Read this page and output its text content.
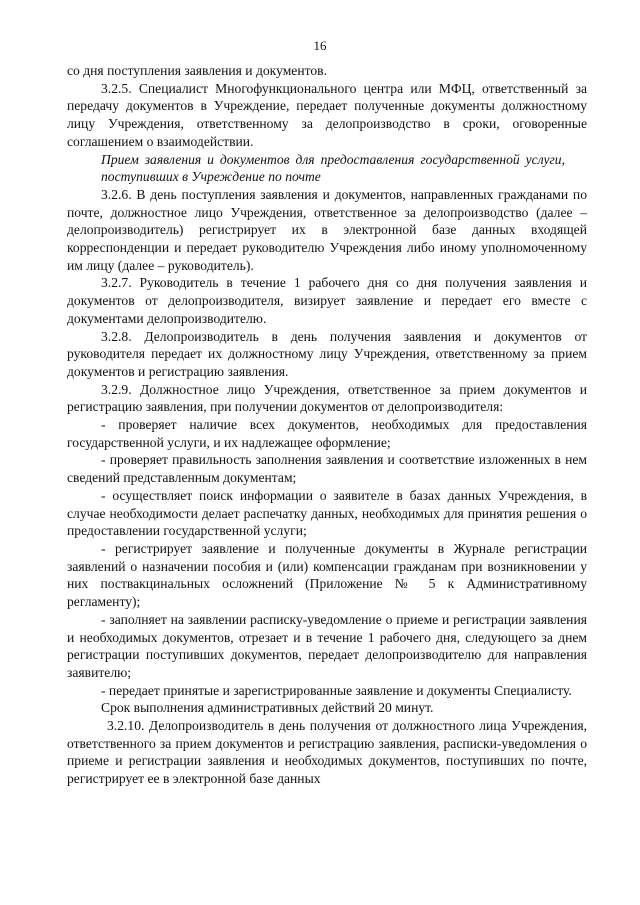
16

со дня поступления заявления и документов.

3.2.5. Специалист Многофункционального центра или МФЦ, ответственный за передачу документов в Учреждение, передает полученные документы должностному лицу Учреждения, ответственному за делопроизводство в сроки, оговоренные соглашением о взаимодействии.

Прием заявления и документов для предоставления государственной услуги, поступивших в Учреждение по почте

3.2.6. В день поступления заявления и документов, направленных гражданами по почте, должностное лицо Учреждения, ответственное за делопроизводство (далее – делопроизводитель) регистрирует их в электронной базе данных входящей корреспонденции и передает руководителю Учреждения либо иному уполномоченному им лицу (далее – руководитель).

3.2.7. Руководитель в течение 1 рабочего дня со дня получения заявления и документов от делопроизводителя, визирует заявление и передает его вместе с документами делопроизводителю.

3.2.8. Делопроизводитель в день получения заявления и документов от руководителя передает их должностному лицу Учреждения, ответственному за прием документов и регистрацию заявления.

3.2.9. Должностное лицо Учреждения, ответственное за прием документов и регистрацию заявления, при получении документов от делопроизводителя:

- проверяет наличие всех документов, необходимых для предоставления государственной услуги, и их надлежащее оформление;

- проверяет правильность заполнения заявления и соответствие изложенных в нем сведений представленным документам;

- осуществляет поиск информации о заявителе в базах данных Учреждения, в случае необходимости делает распечатку данных, необходимых для принятия решения о предоставлении государственной услуги;

- регистрирует заявление и полученные документы в Журнале регистрации заявлений о назначении пособия и (или) компенсации гражданам при возникновении у них поствакцинальных осложнений (Приложение № 5 к Административному регламенту);

- заполняет на заявлении расписку-уведомление о приеме и регистрации заявления и необходимых документов, отрезает и в течение 1 рабочего дня, следующего за днем регистрации поступивших документов, передает делопроизводителю для направления заявителю;

- передает принятые и зарегистрированные заявление и документы Специалисту.

Срок выполнения административных действий 20 минут.

3.2.10. Делопроизводитель в день получения от должностного лица Учреждения, ответственного за прием документов и регистрацию заявления, расписки-уведомления о приеме и регистрации заявления и необходимых документов, поступивших по почте, регистрирует ее в электронной базе данных
